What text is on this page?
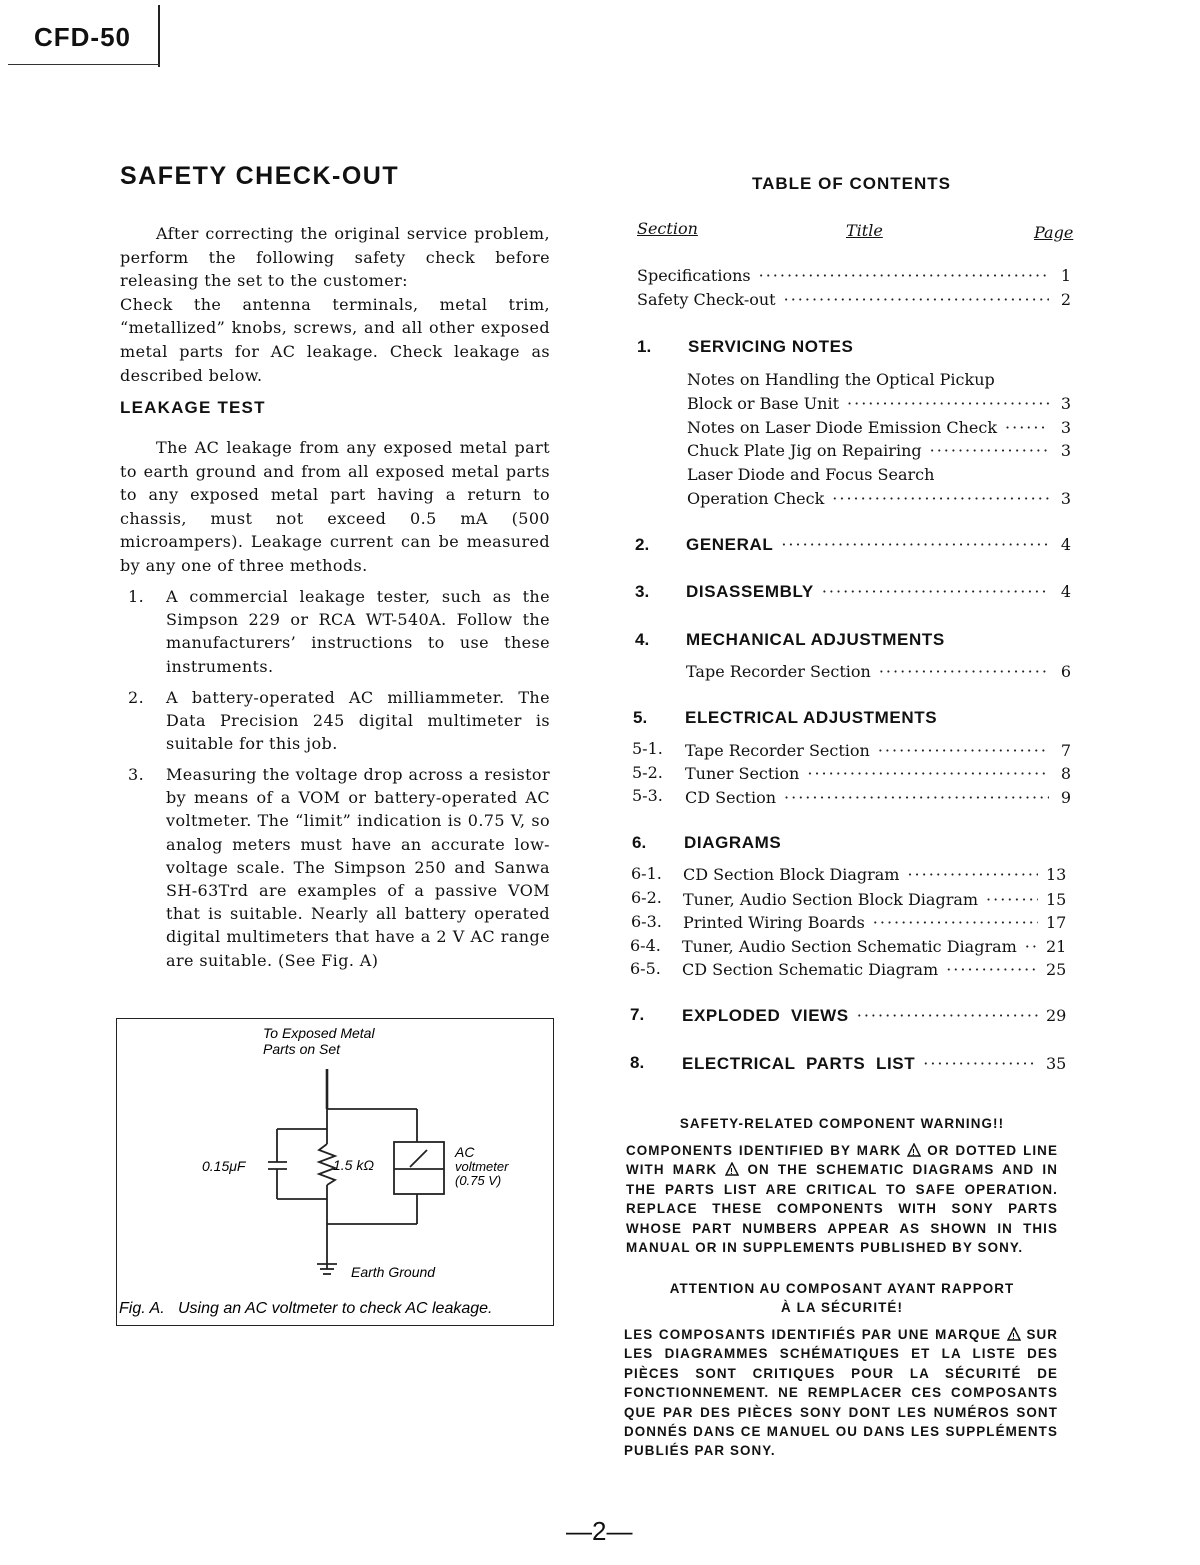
CFD-50
SAFETY CHECK-OUT

After correcting the original service problem, perform the following safety check before releasing the set to the customer:

Check the antenna terminals, metal trim, “metallized” knobs, screws, and all other exposed metal parts for AC leakage. Check leakage as described below.

LEAKAGE TEST

The AC leakage from any exposed metal part to earth ground and from all exposed metal parts to any exposed metal part having a return to chassis, must not exceed 0.5 mA (500 microampers). Leakage current can be measured by any one of three methods.

1. A commercial leakage tester, such as the Simpson 229 or RCA WT-540A. Follow the manufacturers’ instructions to use these instruments.
2. A battery-operated AC milliammeter. The Data Precision 245 digital multimeter is suitable for this job.
3. Measuring the voltage drop across a resistor by means of a VOM or battery-operated AC voltmeter. The “limit” indication is 0.75 V, so analog meters must have an accurate low-voltage scale. The Simpson 250 and Sanwa SH-63Trd are examples of a passive VOM that is suitable. Nearly all battery operated digital multimeters that have a 2 V AC range are suitable. (See Fig. A)
To Exposed Metal
Parts on Set
0.15μF	1.5 kΩ
AC
voltmeter
(0.75 V)
Earth Ground
Fig. A.   Using an AC voltmeter to check AC leakage.
TABLE OF CONTENTS
Section	Title	Page
Specifications ·····	1
Safety Check-out ·····	2
1. SERVICING NOTES
Notes on Handling the Optical Pickup
Block or Base Unit ·····	3
Notes on Laser Diode Emission Check ·····	3
Chuck Plate Jig on Repairing ·····	3
Laser Diode and Focus Search
Operation Check ·····	3
2. GENERAL ·····	4
3. DISASSEMBLY ·····	4
4. MECHANICAL ADJUSTMENTS
Tape Recorder Section ·····	6
5. ELECTRICAL ADJUSTMENTS
5-1. Tape Recorder Section ·····	7
5-2. Tuner Section ·····	8
5-3. CD Section ·····	9
6. DIAGRAMS
6-1. CD Section Block Diagram ·····	13
6-2. Tuner, Audio Section Block Diagram ·····	15
6-3. Printed Wiring Boards ·····	17
6-4. Tuner, Audio Section Schematic Diagram ····· 21
6-5. CD Section Schematic Diagram ·····	25
7. EXPLODED  VIEWS ·····	29
8. ELECTRICAL  PARTS  LIST ·····	35
SAFETY-RELATED COMPONENT WARNING!!
COMPONENTS IDENTIFIED BY MARK ! OR DOTTED LINE WITH MARK ! ON THE SCHEMATIC DIAGRAMS AND IN THE PARTS LIST ARE CRITICAL TO SAFE OPERATION. REPLACE THESE COMPONENTS WITH SONY PARTS WHOSE PART NUMBERS APPEAR AS SHOWN IN THIS MANUAL OR IN SUPPLEMENTS PUBLISHED BY SONY.
ATTENTION AU COMPOSANT AYANT RAPPORT
À LA SÉCURITÉ!
LES COMPOSANTS IDENTIFIÉS PAR UNE MARQUE ! SUR LES DIAGRAMMES SCHÉMATIQUES ET LA LISTE DES PIÈCES SONT CRITIQUES POUR LA SÉCURITÉ DE FONCTIONNEMENT. NE REMPLACER CES COMPOSANTS QUE PAR DES PIÈCES SONY DONT LES NUMÉROS SONT DONNÉS DANS CE MANUEL OU DANS LES SUPPLÉMENTS PUBLIÉS PAR SONY.
—2—
